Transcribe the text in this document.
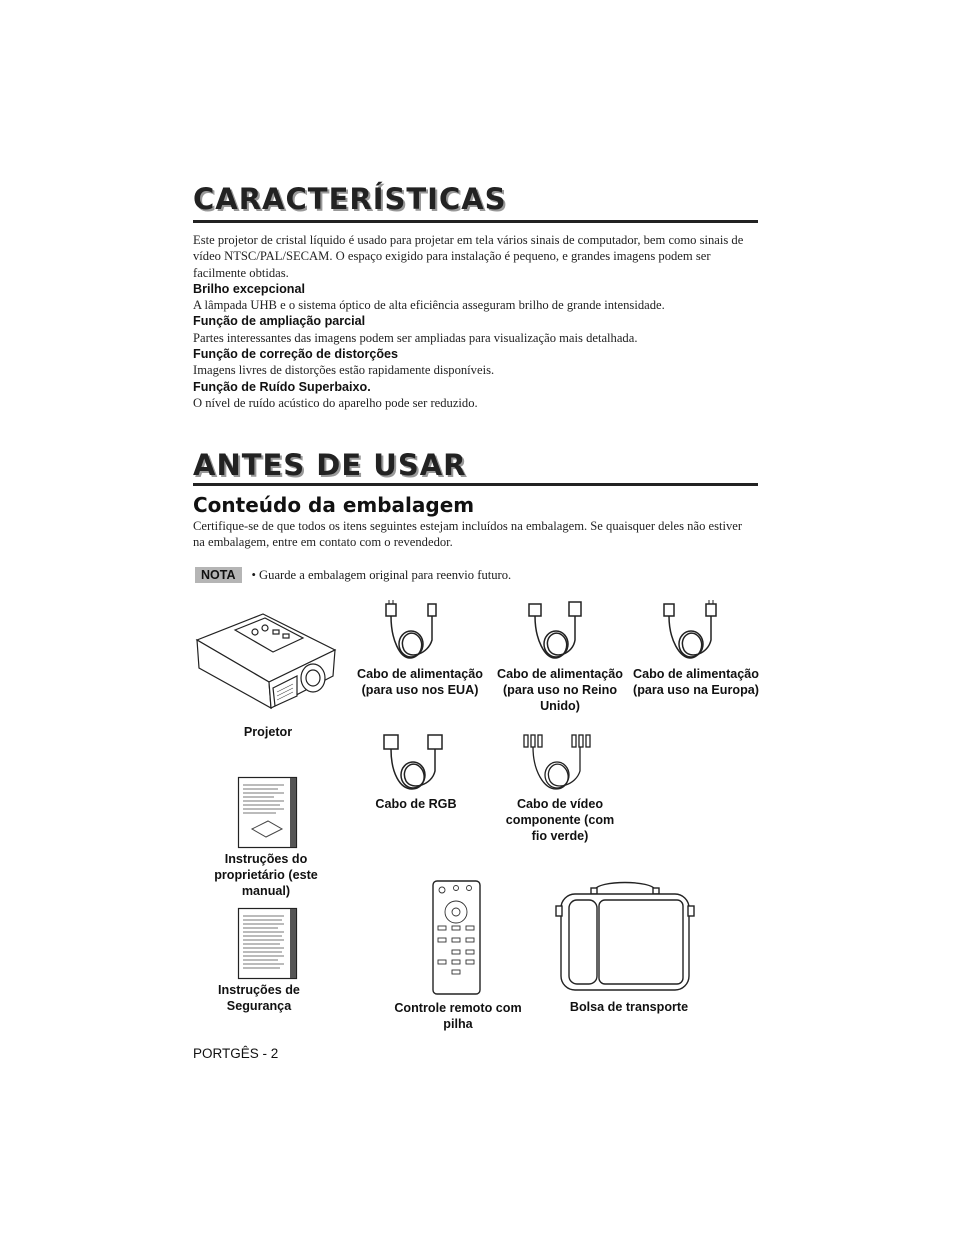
CARACTERÍSTICAS

Este projetor de cristal líquido é usado para projetar em tela vários sinais de computador, bem como sinais de vídeo NTSC/PAL/SECAM. O espaço exigido para instalação é pequeno, e grandes imagens podem ser facilmente obtidas.

Brilho excepcional

A lâmpada UHB e o sistema óptico de alta eficiência asseguram brilho de grande intensidade.

Função de ampliação parcial

Partes interessantes das imagens podem ser ampliadas para visualização mais detalhada.

Função de correção de distorções

Imagens livres de distorções estão rapidamente disponíveis.

Função de Ruído Superbaixo.

O nível de ruído acústico do aparelho pode ser reduzido.

ANTES DE USAR
Conteúdo da embalagem

Certifique-se de que todos os itens seguintes estejam incluídos na embalagem. Se quaisquer deles não estiver na embalagem, entre em contato com o revendedor.

NOTA • Guarde a embalagem original para reenvio futuro.
Projetor
Cabo de alimentação (para uso nos EUA)
Cabo de alimentação (para uso no Reino Unido)
Cabo de alimentação (para uso na Europa)
Cabo de RGB	Cabo de vídeo componente (com fio verde)
Instruções do proprietário (este manual)
Instruções de Segurança	Controle remoto com pilha
Bolsa de transporte
PORTGÊS - 2
